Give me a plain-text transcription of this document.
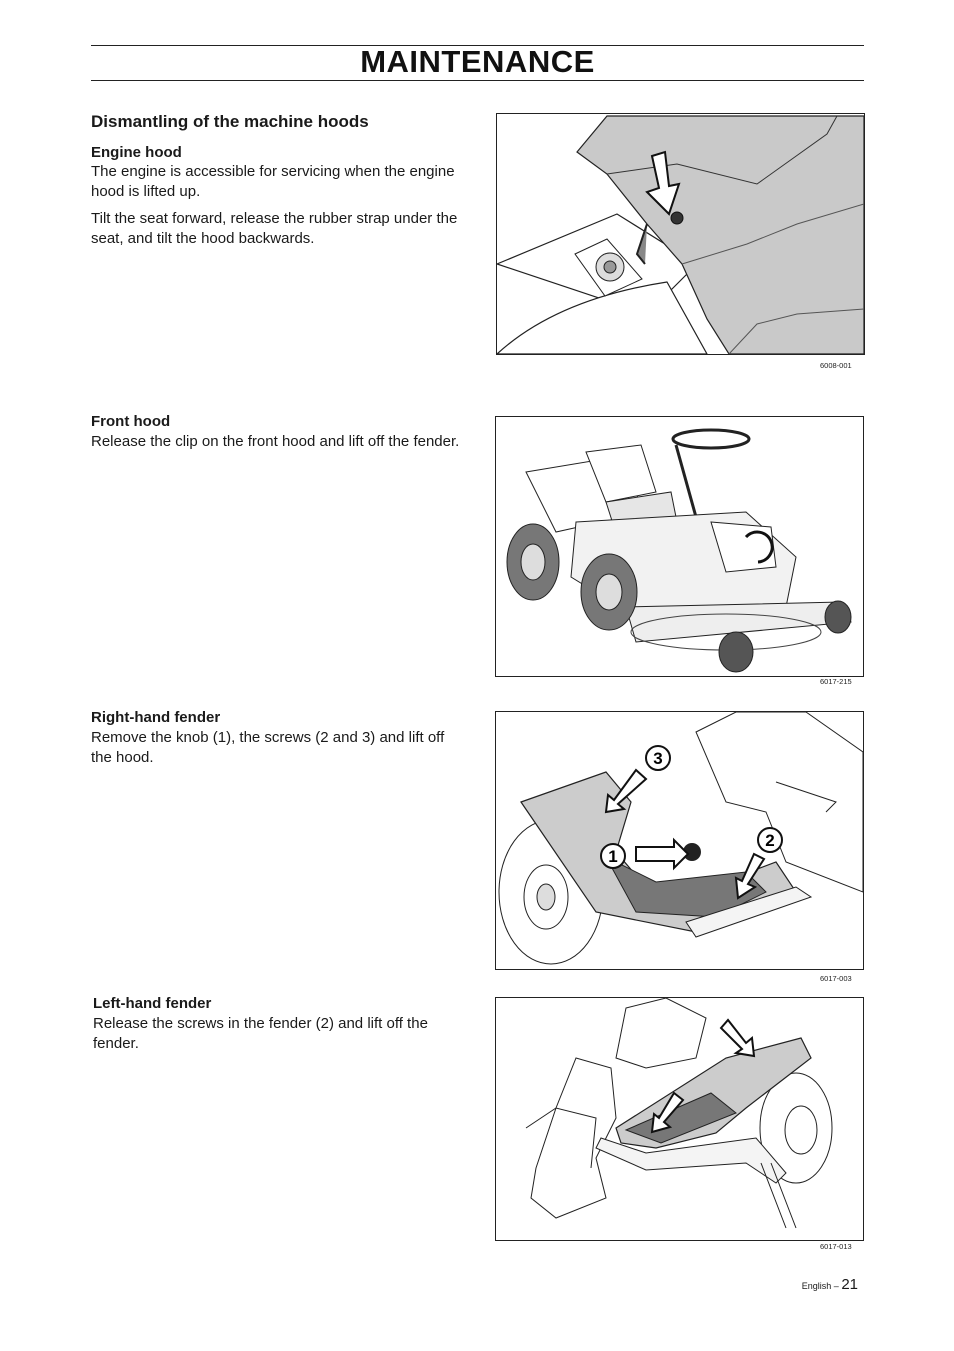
MAINTENANCE
Dismantling of the machine hoods
Engine hood
The engine is accessible for servicing when the engine hood is lifted up.
Tilt the seat forward, release the rubber strap under the seat, and tilt the hood backwards.
6008-001
Front hood
Release the clip on the front hood and lift off the fender.
6017-215
Right-hand fender
Remove the knob (1), the screws (2 and 3) and lift off the hood.	3
2
1
6017-003
Left-hand fender
Release the screws in the fender (2) and lift off the fender.
6017-013
English – 21
